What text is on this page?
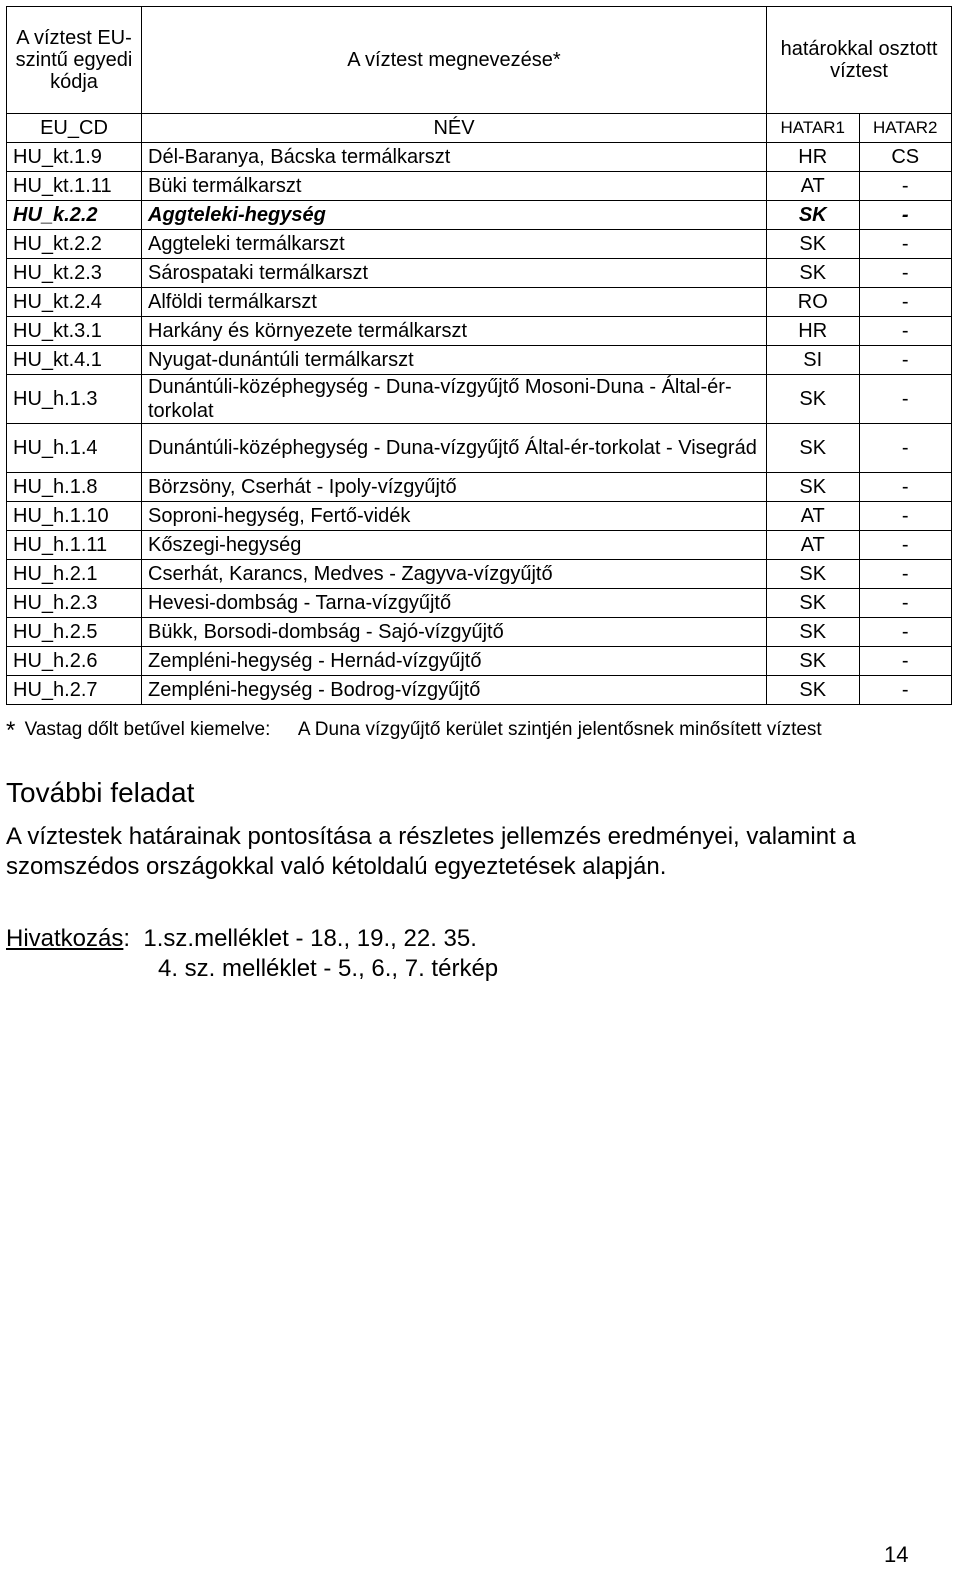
A víztest EU- szintű egyedi kódja	A víztest megnevezése*	határokkal osztott víztest	
EU_CD	NÉV	HATAR1	HATAR2
HU_kt.1.9	Dél-Baranya, Bácska termálkarszt	HR	CS
HU_kt.1.11	Büki termálkarszt	AT	-
HU_k.2.2	Aggteleki-hegység	SK	-
HU_kt.2.2	Aggteleki termálkarszt	SK	-
HU_kt.2.3	Sárospataki termálkarszt	SK	-
HU_kt.2.4	Alföldi termálkarszt	RO	-
HU_kt.3.1	Harkány és környezete termálkarszt	HR	-
HU_kt.4.1	Nyugat-dunántúli termálkarszt	SI	-
HU_h.1.3	Dunántúli-középhegység - Duna-vízgyűjtő Mosoni-Duna - Által-ér-torkolat	SK	-
HU_h.1.4	Dunántúli-középhegység - Duna-vízgyűjtő Által-ér-torkolat - Visegrád	SK	-
HU_h.1.8	Börzsöny, Cserhát - Ipoly-vízgyűjtő	SK	-
HU_h.1.10	Soproni-hegység, Fertő-vidék	AT	-
HU_h.1.11	Kőszegi-hegység	AT	-
HU_h.2.1	Cserhát, Karancs, Medves - Zagyva-vízgyűjtő	SK	-
HU_h.2.3	Hevesi-dombság - Tarna-vízgyűjtő	SK	-
HU_h.2.5	Bükk, Borsodi-dombság - Sajó-vízgyűjtő	SK	-
HU_h.2.6	Zempléni-hegység - Hernád-vízgyűjtő	SK	-
HU_h.2.7	Zempléni-hegység - Bodrog-vízgyűjtő	SK	-
* Vastag dőlt betűvel kiemelve: A Duna vízgyűjtő kerület szintjén jelentősnek minősített víztest
További feladat
A víztestek határainak pontosítása a részletes jellemzés eredményei, valamint a szomszédos országokkal való kétoldalú egyeztetések alapján.
Hivatkozás:  1.sz.melléklet - 18., 19., 22. 35.
4. sz. melléklet - 5., 6., 7. térkép
14
